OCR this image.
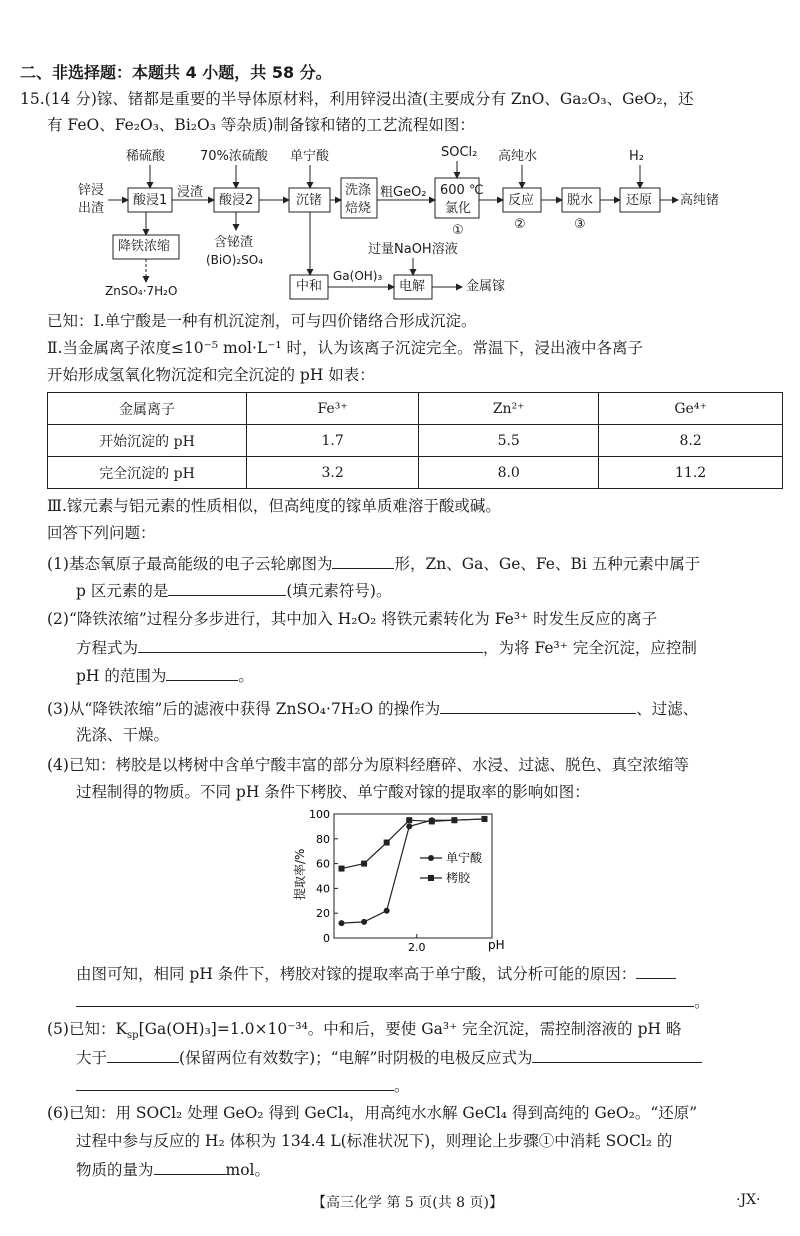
二、非选择题：本题共 4 小题，共 58 分。
15.(14 分)镓、锗都是重要的半导体原材料，利用锌浸出渣(主要成分有 ZnO、Ga₂O₃、GeO₂，还
有 FeO、Fe₂O₃、Bi₂O₃ 等杂质)制备镓和锗的工艺流程如图：
锌浸
出渣
稀硫酸
酸浸1
浸渣
70%浓硫酸
酸浸2
单宁酸
沉锗
洗涤
焙烧
粗GeO₂
SOCl₂
600 ℃
氯化
①
高纯水
反应
②
脱水
③
H₂
还原 高纯锗
降铁浓缩
ZnSO₄·7H₂O
含铋渣
(BiO)₂SO₄
过量NaOH溶液
中和
Ga(OH)₃
电解	金属镓
已知：Ⅰ.单宁酸是一种有机沉淀剂，可与四价锗络合形成沉淀。
Ⅱ.当金属离子浓度≤10⁻⁵ mol·L⁻¹ 时，认为该离子沉淀完全。常温下，浸出液中各离子
开始形成氢氧化物沉淀和完全沉淀的 pH 如表：
金属离子	Fe³⁺	Zn²⁺	Ge⁴⁺
开始沉淀的 pH	1.7	5.5	8.2
完全沉淀的 pH	3.2	8.0	11.2
Ⅲ.镓元素与铝元素的性质相似，但高纯度的镓单质难溶于酸或碱。
回答下列问题：
(1)基态氧原子最高能级的电子云轮廓图为	形，Zn、Ga、Ge、Fe、Bi 五种元素中属于
p 区元素的是	(填元素符号)。
(2)“降铁浓缩”过程分多步进行，其中加入 H₂O₂ 将铁元素转化为 Fe³⁺ 时发生反应的离子
方程式为	，为将 Fe³⁺ 完全沉淀，应控制
pH 的范围为	。
(3)从“降铁浓缩”后的滤液中获得 ZnSO₄·7H₂O 的操作为	、过滤、
洗涤、干燥。
(4)已知：栲胶是以栲树中含单宁酸丰富的部分为原料经磨碎、水浸、过滤、脱色、真空浓缩等
过程制得的物质。不同 pH 条件下栲胶、单宁酸对镓的提取率的影响如图：
提取率/%
pH
0
20
40
60
80
100
2.0
单宁酸
栲胶
由图可知，相同 pH 条件下，栲胶对镓的提取率高于单宁酸，试分析可能的原因：
。
(5)已知：$K_{sp}[Ga(OH)_3]=1.0\times 10^{-34}$。中和后，要使 Ga³⁺ 完全沉淀，需控制溶液的 pH 略
大于	(保留两位有效数字)；“电解”时阴极的电极反应式为
。
(6)已知：用 SOCl₂ 处理 GeO₂ 得到 GeCl₄，用高纯水水解 GeCl₄ 得到高纯的 GeO₂。“还原”
过程中参与反应的 H₂ 体积为 134.4 L(标准状况下)，则理论上步骤①中消耗 SOCl₂ 的
物质的量为	mol。
【高三化学 第 5 页(共 8 页)】	·JX·
